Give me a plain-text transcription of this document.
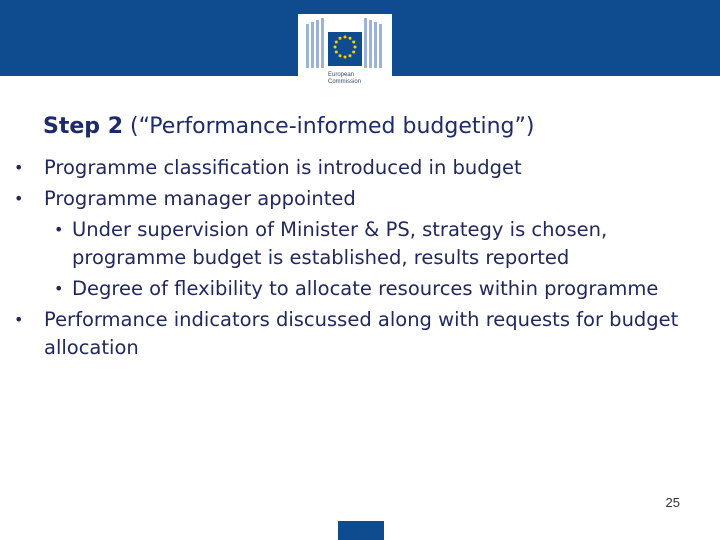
European
Commission
Step 2 (“Performance-informed budgeting”)
• Programme classification is introduced in budget
• Programme manager appointed
• Under supervision of Minister & PS, strategy is chosen, programme budget is established, results reported
• Degree of flexibility to allocate resources within programme
• Performance indicators discussed along with requests for budget allocation
25
